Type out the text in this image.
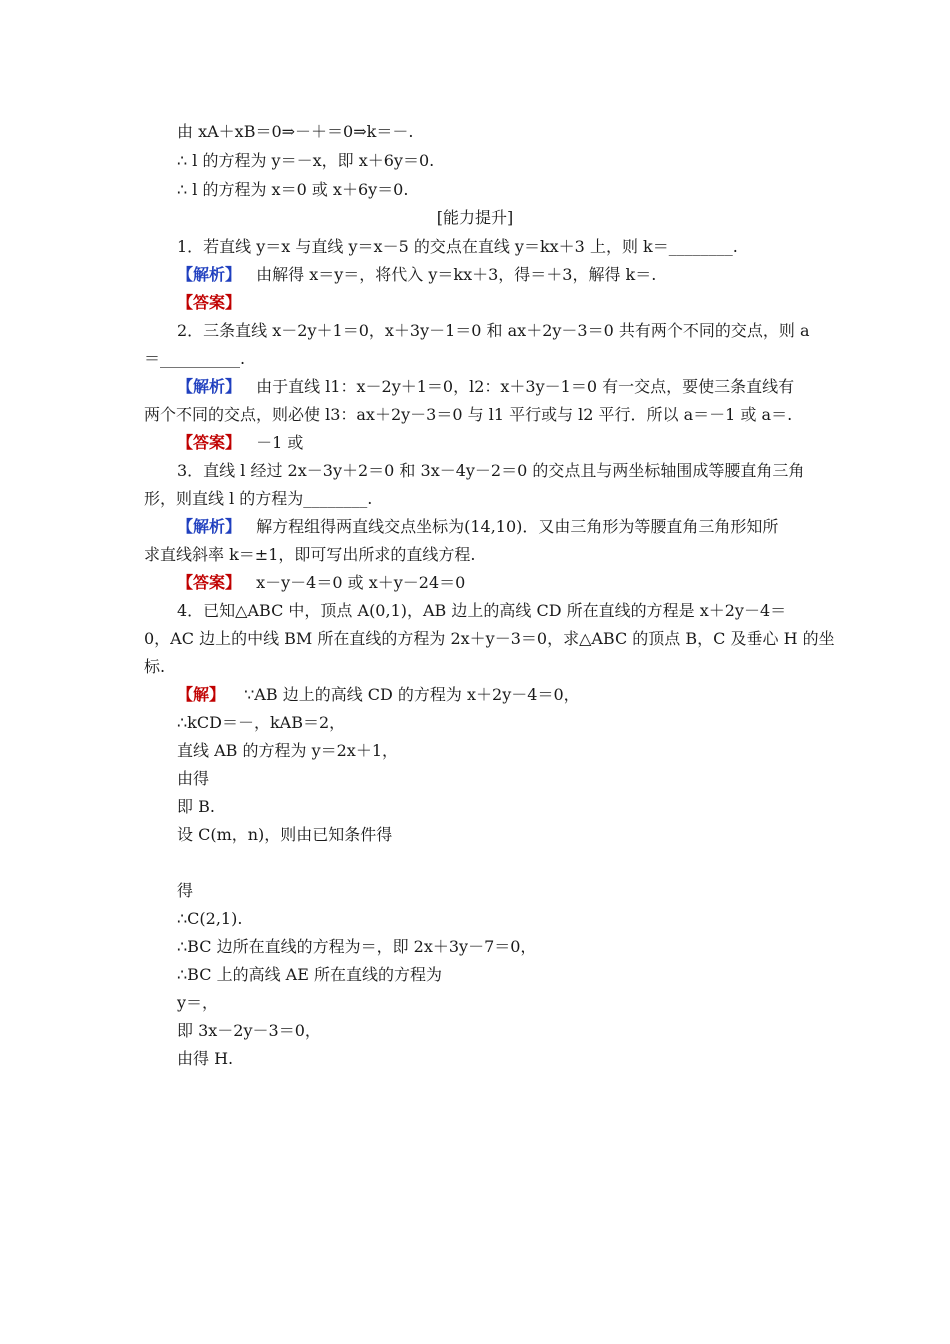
由 xA＋xB＝0⇒－＋＝0⇒k＝－.
∴ l 的方程为 y＝－x，即 x＋6y＝0.
∴ l 的方程为 x＝0 或 x＋6y＝0.
[能力提升]
1．若直线 y＝x 与直线 y＝x－5 的交点在直线 y＝kx＋3 上，则 k＝________.
【解析】 由解得 x＝y＝，将代入 y＝kx＋3，得＝＋3，解得 k＝.
【答案】
2．三条直线 x－2y＋1＝0，x＋3y－1＝0 和 ax＋2y－3＝0 共有两个不同的交点，则 a
＝__________.
【解析】 由于直线 l1：x－2y＋1＝0，l2：x＋3y－1＝0 有一交点，要使三条直线有
两个不同的交点，则必使 l3：ax＋2y－3＝0 与 l1 平行或与 l2 平行．所以 a＝－1 或 a＝.
【答案】 －1 或
3．直线 l 经过 2x－3y＋2＝0 和 3x－4y－2＝0 的交点且与两坐标轴围成等腰直角三角
形，则直线 l 的方程为________.
【解析】 解方程组得两直线交点坐标为(14,10)．又由三角形为等腰直角三角形知所
求直线斜率 k＝±1，即可写出所求的直线方程.
【答案】 x－y－4＝0 或 x＋y－24＝0
4．已知△ABC 中，顶点 A(0,1)，AB 边上的高线 CD 所在直线的方程是 x＋2y－4＝
0，AC 边上的中线 BM 所在直线的方程为 2x＋y－3＝0，求△ABC 的顶点 B，C 及垂心 H 的坐
标.
【解】 ∵AB 边上的高线 CD 的方程为 x＋2y－4＝0，
∴kCD＝－，kAB＝2，
直线 AB 的方程为 y＝2x＋1，
由得
即 B.
设 C(m，n)，则由已知条件得
得
∴C(2,1).
∴BC 边所在直线的方程为＝，即 2x＋3y－7＝0，
∴BC 上的高线 AE 所在直线的方程为
y＝，
即 3x－2y－3＝0，
由得 H.
